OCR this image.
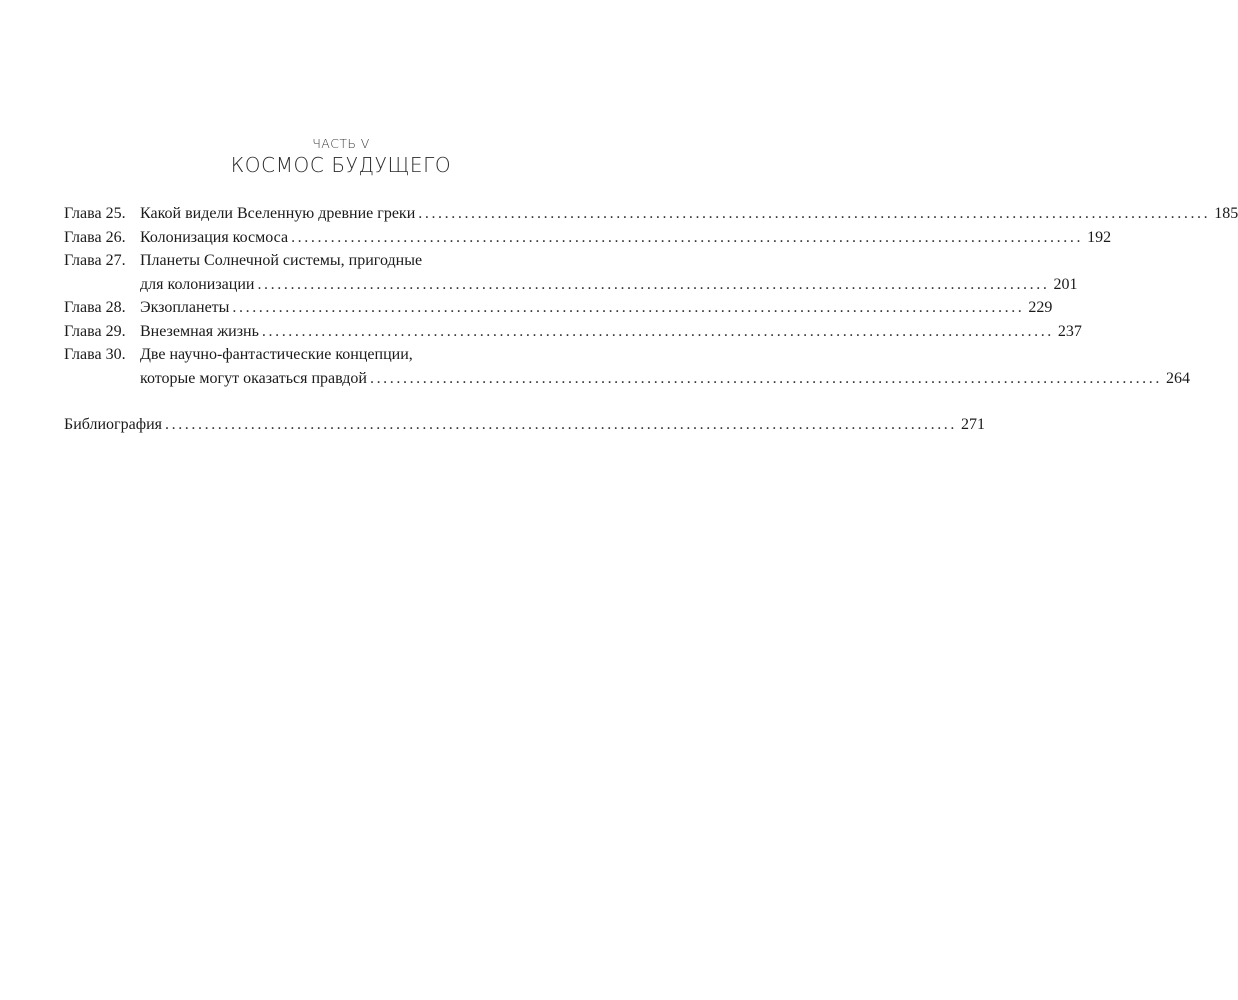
ЧАСТЬ V
КОСМОС БУДУЩЕГО
Глава 25. Какой видели Вселенную древние греки ........................................................................................................................ 185
Глава 26. Колонизация космоса ........................................................................................................................ 192
Глава 27. Планеты Солнечной системы, пригодные
для колонизации ........................................................................................................................ 201
Глава 28. Экзопланеты ........................................................................................................................ 229
Глава 29. Внеземная жизнь ........................................................................................................................ 237
Глава 30. Две научно-фантастические концепции,
которые могут оказаться правдой ........................................................................................................................ 264
Библиография ........................................................................................................................ 271
